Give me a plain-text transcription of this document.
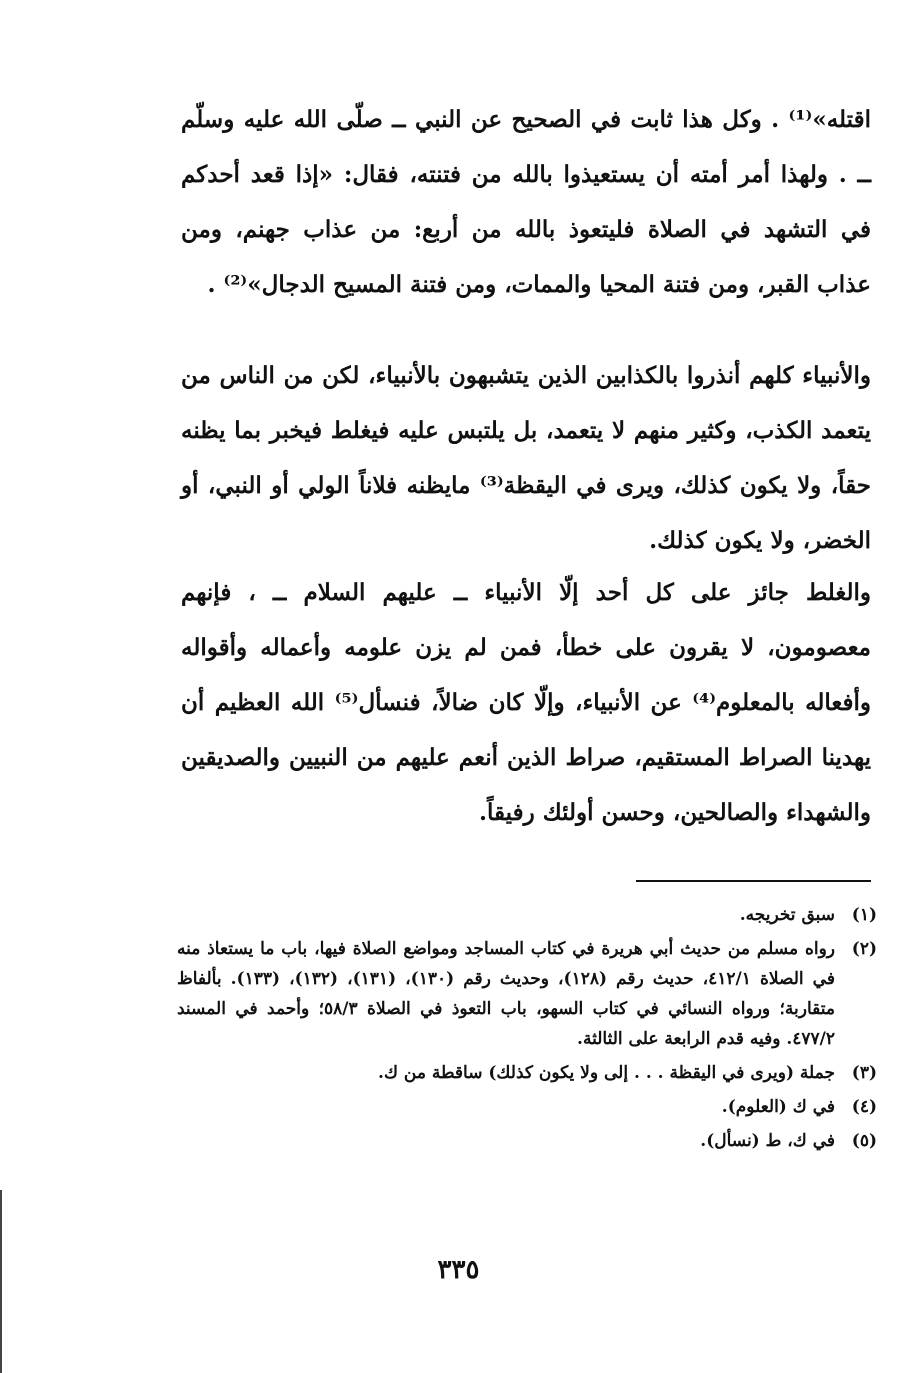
اقتله»⁽¹⁾ . وكل هذا ثابت في الصحيح عن النبي ــ صلّى الله عليه وسلّم ــ . ولهذا أمر أمته أن يستعيذوا بالله من فتنته، فقال: «إذا قعد أحدكم في التشهد في الصلاة فليتعوذ بالله من أربع: من عذاب جهنم، ومن عذاب القبر، ومن فتنة المحيا والممات، ومن فتنة المسيح الدجال»⁽²⁾ .

والأنبياء كلهم أنذروا بالكذابين الذين يتشبهون بالأنبياء، لكن من الناس من يتعمد الكذب، وكثير منهم لا يتعمد، بل يلتبس عليه فيغلط فيخبر بما يظنه حقاً، ولا يكون كذلك، ويرى في اليقظة⁽³⁾ مايظنه فلاناً الولي أو النبي، أو الخضر، ولا يكون كذلك.

والغلط جائز على كل أحد إلّا الأنبياء ــ عليهم السلام ــ ، فإنهم معصومون، لا يقرون على خطأ، فمن لم يزن علومه وأعماله وأقواله وأفعاله بالمعلوم⁽⁴⁾ عن الأنبياء، وإلّا كان ضالاً، فنسأل⁽⁵⁾ الله العظيم أن يهدينا الصراط المستقيم، صراط الذين أنعم عليهم من النبيين والصديقين والشهداء والصالحين، وحسن أولئك رفيقاً.

(١)
سبق تخريجه.
(٢)
رواه مسلم من حديث أبي هريرة في كتاب المساجد ومواضع الصلاة فيها، باب ما يستعاذ منه في الصلاة ٤١٢/١، حديث رقم (١٢٨)، وحديث رقم (١٣٠)، (١٣١)، (١٣٢)، (١٣٣). بألفاظ متقاربة؛ ورواه النسائي في كتاب السهو، باب التعوذ في الصلاة ٥٨/٣؛ وأحمد في المسند ٤٧٧/٢. وفيه قدم الرابعة على الثالثة.
(٣)
جملة (ويرى في اليقظة . . . إلى ولا يكون كذلك) ساقطة من ك.
(٤)
في ك (العلوم).
(٥)
في ك، ط (نسأل).
٣٣٥
